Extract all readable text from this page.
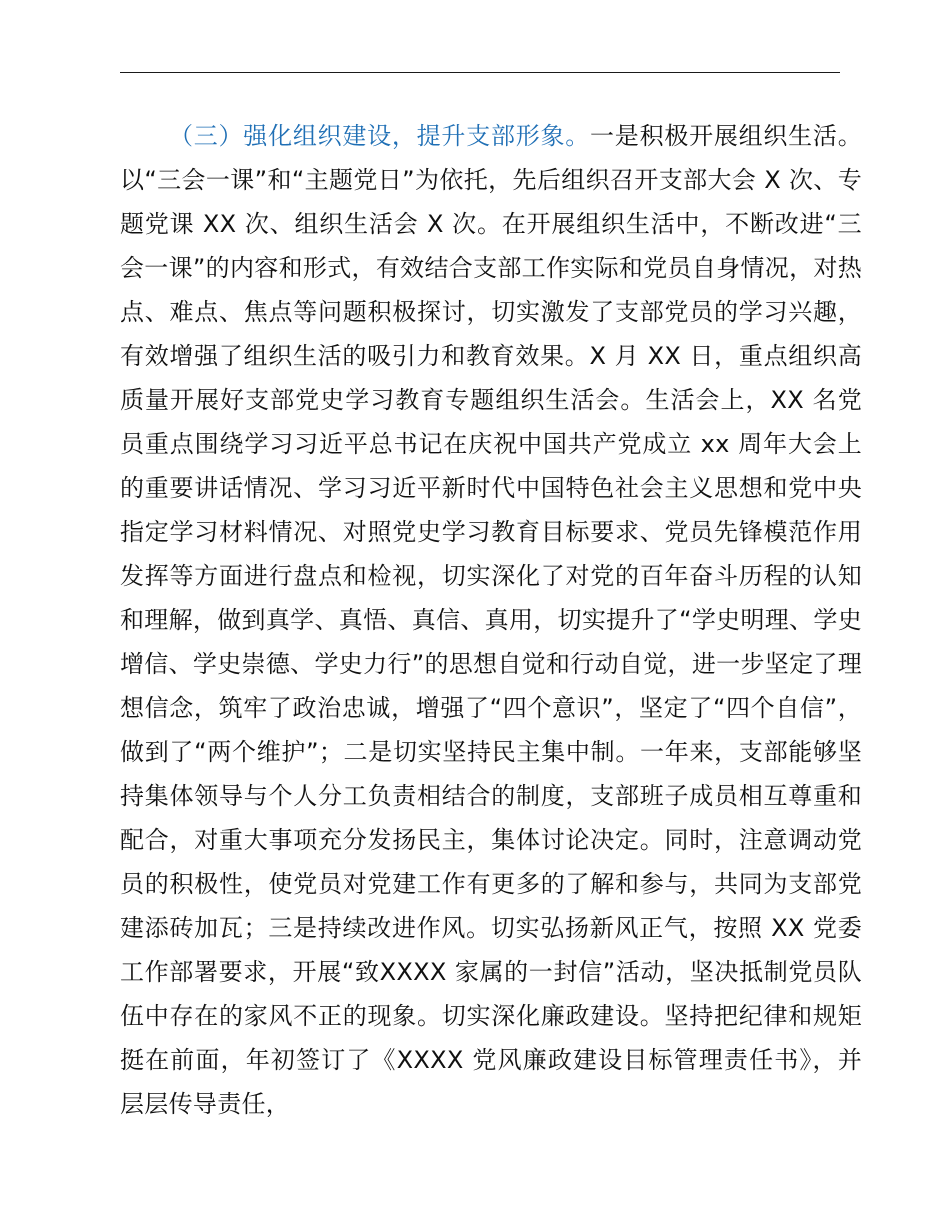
（三）强化组织建设，提升支部形象。一是积极开展组织生活。以“三会一课”和“主题党日”为依托，先后组织召开支部大会 X 次、专题党课 XX 次、组织生活会 X 次。在开展组织生活中，不断改进“三会一课”的内容和形式，有效结合支部工作实际和党员自身情况，对热点、难点、焦点等问题积极探讨，切实激发了支部党员的学习兴趣，有效增强了组织生活的吸引力和教育效果。X 月 XX 日，重点组织高质量开展好支部党史学习教育专题组织生活会。生活会上，XX 名党员重点围绕学习习近平总书记在庆祝中国共产党成立 xx 周年大会上的重要讲话情况、学习习近平新时代中国特色社会主义思想和党中央指定学习材料情况、对照党史学习教育目标要求、党员先锋模范作用发挥等方面进行盘点和检视，切实深化了对党的百年奋斗历程的认知和理解，做到真学、真悟、真信、真用，切实提升了“学史明理、学史增信、学史崇德、学史力行”的思想自觉和行动自觉，进一步坚定了理想信念，筑牢了政治忠诚，增强了“四个意识”，坚定了“四个自信”，做到了“两个维护”；二是切实坚持民主集中制。一年来，支部能够坚持集体领导与个人分工负责相结合的制度，支部班子成员相互尊重和配合，对重大事项充分发扬民主，集体讨论决定。同时，注意调动党员的积极性，使党员对党建工作有更多的了解和参与，共同为支部党建添砖加瓦；三是持续改进作风。切实弘扬新风正气，按照 XX 党委工作部署要求，开展“致XXXX 家属的一封信”活动，坚决抵制党员队伍中存在的家风不正的现象。切实深化廉政建设。坚持把纪律和规矩挺在前面，年初签订了《XXXX 党风廉政建设目标管理责任书》，并层层传导责任，
